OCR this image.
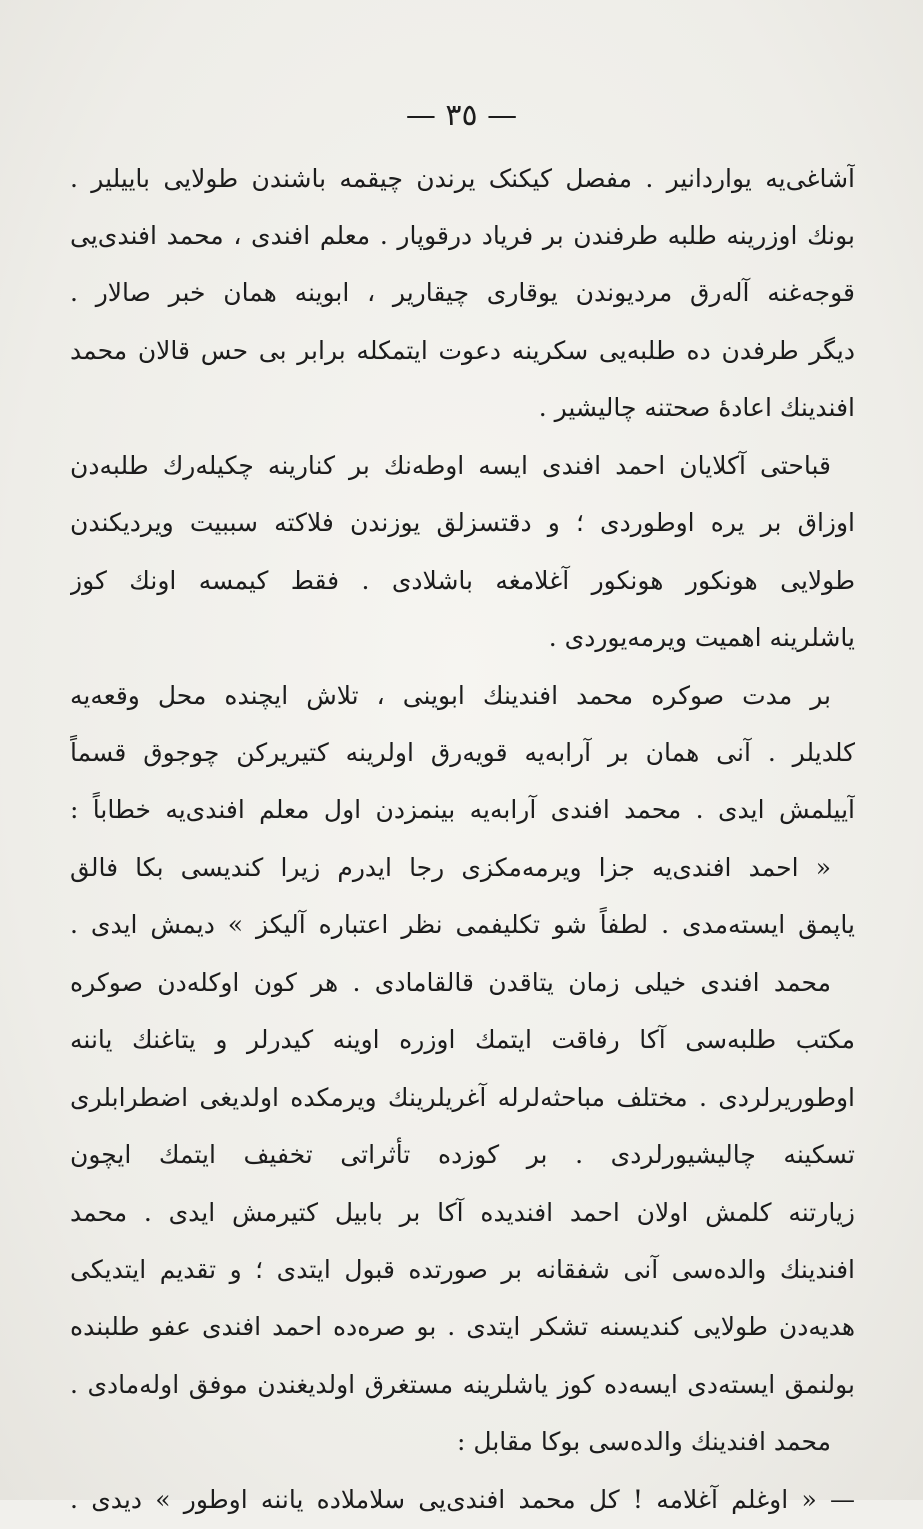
— ٣٥ —
آشاغی‌یه یواردانیر . مفصل کیکنک یرندن چیقمه باشندن طولایی باییلیر .
بونك اوزرینه طلبه طرفندن بر فریاد درقوپار . معلم افندی ، محمد افندی‌یی
قوجه‌غنه آلەرق مردیوندن یوقاری چیقاریر ، ابوینه همان خبر صالار .
دیگر طرفدن ده طلبه‌یی سکرینه دعوت ایتمکله برابر بی حس قالان محمد
افندینك اعادهٔ صحتنه چالیشیر .
قباحتی آکلایان احمد افندی ایسه اوطه‌نك بر کنارینه چکیله‌رك طلبه‌دن
اوزاق بر یره اوطوردی ؛ و دقتسزلق یوزندن فلاکته سببیت ویردیکندن
طولایی هونکور هونکور آغلامغه باشلادی . فقط کیمسه اونك کوز
یاشلرینه اهمیت ویرمه‌یوردی .
بر مدت صوکره محمد افندینك ابوینی ، تلاش ایچنده محل وقعه‌یه
کلدیلر . آنی همان بر آرابه‌یه قویه‌رق اولرینه کتیریرکن چوجوق قسماً
آییلمش ایدی . محمد افندی آرابه‌یه بینمزدن اول معلم افندی‌یه خطاباً :
« احمد افندی‌یه جزا ویرمه‌مکزی رجا ایدرم زیرا کندیسی بکا فالق
یاپمق ایسته‌مدی . لطفاً شو تکلیفمی نظر اعتباره آلیکز » دیمش ایدی .
محمد افندی خیلی زمان یتاقدن قالقامادی . هر کون اوکله‌دن صوکره
مکتب طلبه‌سی آکا رفاقت ایتمك اوزره اوینه کیدرلر و یتاغنك یاننه
اوطوریرلردی . مختلف مباحثه‌لرله آغریلرینك ویرمکده اولدیغی اضطرابلری
تسکینه چالیشیورلردی . بر کوزده تأثراتی تخفیف ایتمك ایچون
زیارتنه کلمش اولان احمد افندیده آکا بر بابیل کتیرمش ایدی . محمد
افندینك والده‌سی آنی شفقانه بر صورتده قبول ایتدی ؛ و تقدیم ایتدیکی
هدیه‌دن طولایی کندیسنه تشکر ایتدی . بو صره‌ده احمد افندی عفو طلبنده
بولنمق ایسته‌دی ایسه‌ده کوز یاشلرینه مستغرق اولدیغندن موفق اوله‌مادی .
محمد افندینك والده‌سی بوکا مقابل :
— « اوغلم آغلامه ! کل محمد افندی‌یی سلاملاده یاننه اوطور » دیدی .
